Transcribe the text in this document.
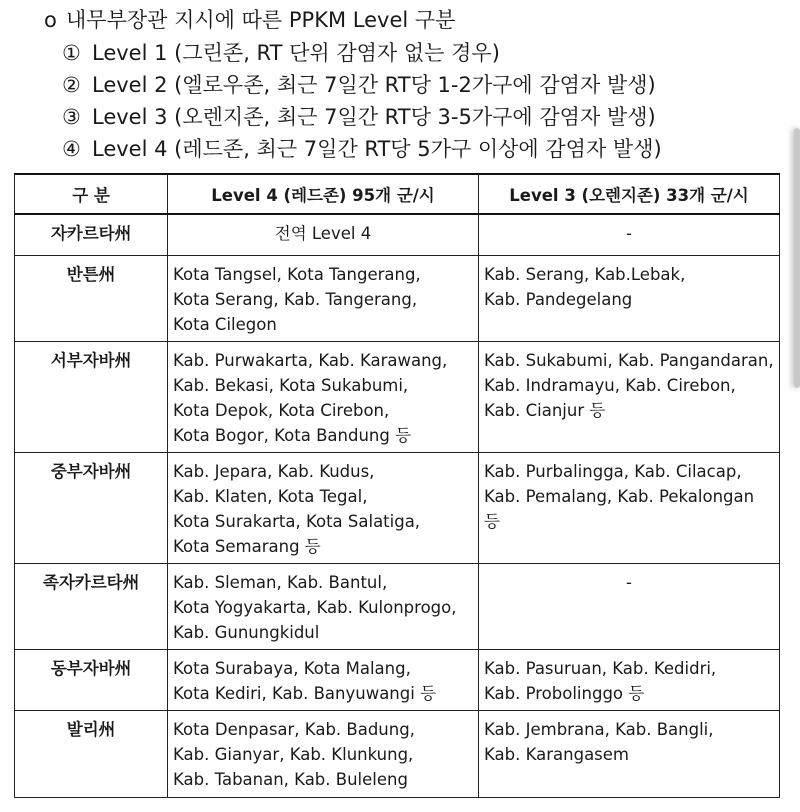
o 내무부장관 지시에 따른 PPKM Level 구분
① Level 1 (그린존, RT 단위 감염자 없는 경우)
② Level 2 (엘로우존, 최근 7일간 RT당 1-2가구에 감염자 발생)
③ Level 3 (오렌지존, 최근 7일간 RT당 3-5가구에 감염자 발생)
④ Level 4 (레드존, 최근 7일간 RT당 5가구 이상에 감염자 발생)
구 분	Level 4 (레드존) 95개 군/시	Level 3 (오렌지존) 33개 군/시
자카르타州	전역 Level 4	-

반튼州	Kota Tangsel, Kota Tangerang,
Kota Serang, Kab. Tangerang,
Kota Cilegon	Kab. Serang, Kab.Lebak,
Kab. Pandegelang

서부자바州	Kab. Purwakarta, Kab. Karawang,
Kab. Bekasi, Kota Sukabumi,
Kota Depok, Kota Cirebon,
Kota Bogor, Kota Bandung 등	Kab. Sukabumi, Kab. Pangandaran,
Kab. Indramayu, Kab. Cirebon,
Kab. Cianjur 등

중부자바州	Kab. Jepara, Kab. Kudus,
Kab. Klaten, Kota Tegal,
Kota Surakarta, Kota Salatiga,
Kota Semarang 등	Kab. Purbalingga, Kab. Cilacap,
Kab. Pemalang, Kab. Pekalongan
등

족자카르타州	Kab. Sleman, Kab. Bantul,
Kota Yogyakarta, Kab. Kulonprogo,
Kab. Gunungkidul	-

동부자바州	Kota Surabaya, Kota Malang,
Kota Kediri, Kab. Banyuwangi 등	Kab. Pasuruan, Kab. Kedidri,
Kab. Probolinggo 등

발리州	Kota Denpasar, Kab. Badung,
Kab. Gianyar, Kab. Klunkung,
Kab. Tabanan, Kab. Buleleng	Kab. Jembrana, Kab. Bangli,
Kab. Karangasem
